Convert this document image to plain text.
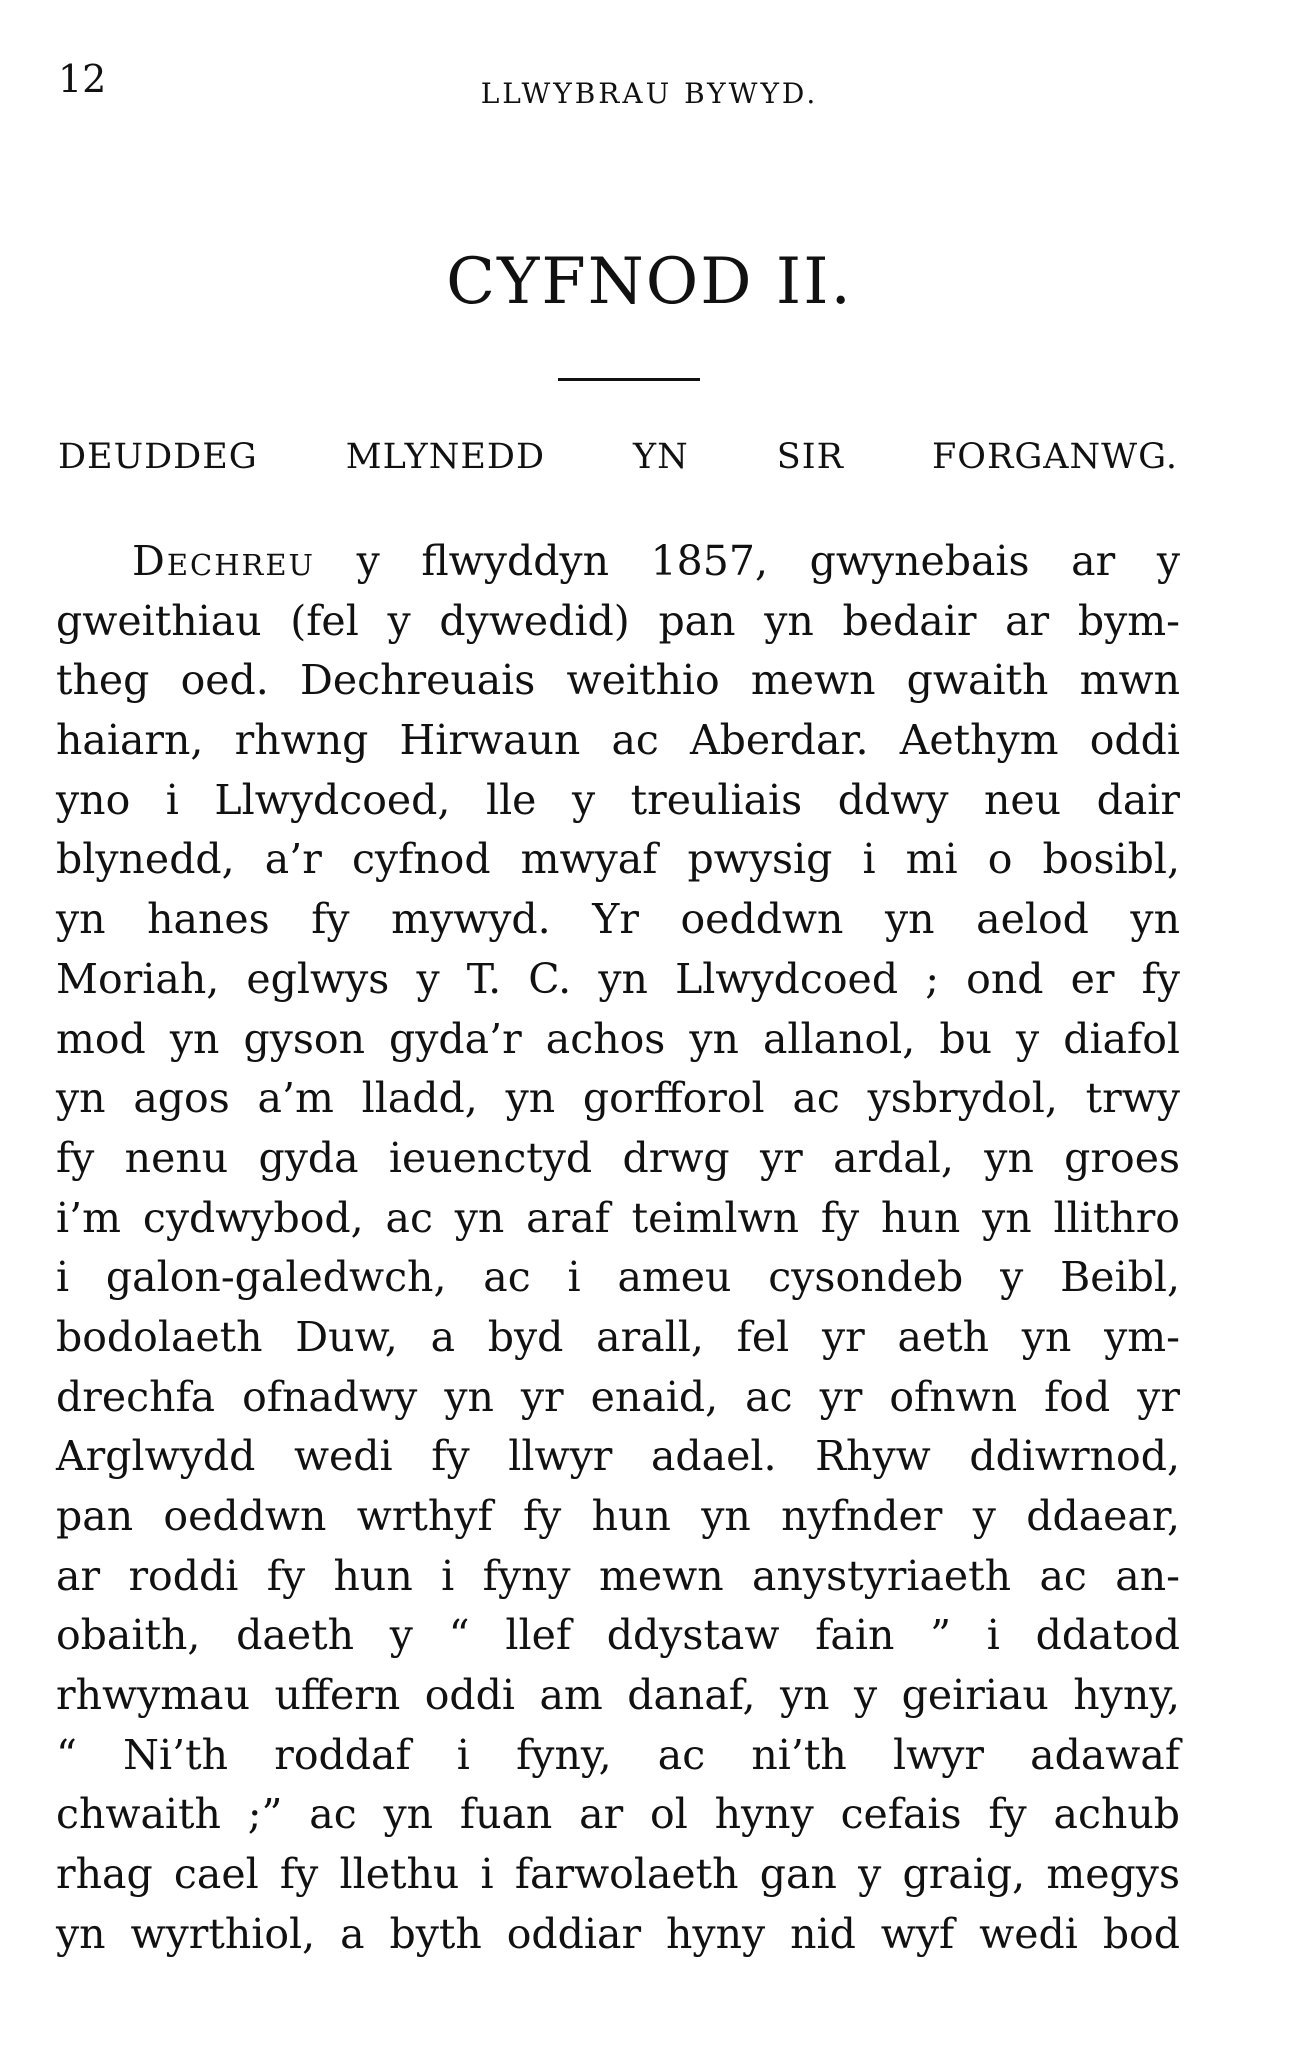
12	LLWYBRAU BYWYD.
CYFNOD II.
DEUDDEG MLYNEDD YN SIR FORGANWG.
Dechreu y flwyddyn 1857, gwynebais ar y
gweithiau (fel y dywedid) pan yn bedair ar bym-
theg oed. Dechreuais weithio mewn gwaith mwn
haiarn, rhwng Hirwaun ac Aberdar. Aethym oddi
yno i Llwydcoed, lle y treuliais ddwy neu dair
blynedd, a’r cyfnod mwyaf pwysig i mi o bosibl,
yn hanes fy mywyd. Yr oeddwn yn aelod yn
Moriah, eglwys y T. C. yn Llwydcoed ; ond er fy
mod yn gyson gyda’r achos yn allanol, bu y diafol
yn agos a’m lladd, yn gorfforol ac ysbrydol, trwy
fy nenu gyda ieuenctyd drwg yr ardal, yn groes
i’m cydwybod, ac yn araf teimlwn fy hun yn llithro
i galon-galedwch, ac i ameu cysondeb y Beibl,
bodolaeth Duw, a byd arall, fel yr aeth yn ym-
drechfa ofnadwy yn yr enaid, ac yr ofnwn fod yr
Arglwydd wedi fy llwyr adael. Rhyw ddiwrnod,
pan oeddwn wrthyf fy hun yn nyfnder y ddaear,
ar roddi fy hun i fyny mewn anystyriaeth ac an-
obaith, daeth y “ llef ddystaw fain ” i ddatod
rhwymau uffern oddi am danaf, yn y geiriau hyny,
“ Ni’th roddaf i fyny, ac ni’th lwyr adawaf
chwaith ;” ac yn fuan ar ol hyny cefais fy achub
rhag cael fy llethu i farwolaeth gan y graig, megys
yn wyrthiol, a byth oddiar hyny nid wyf wedi bod
